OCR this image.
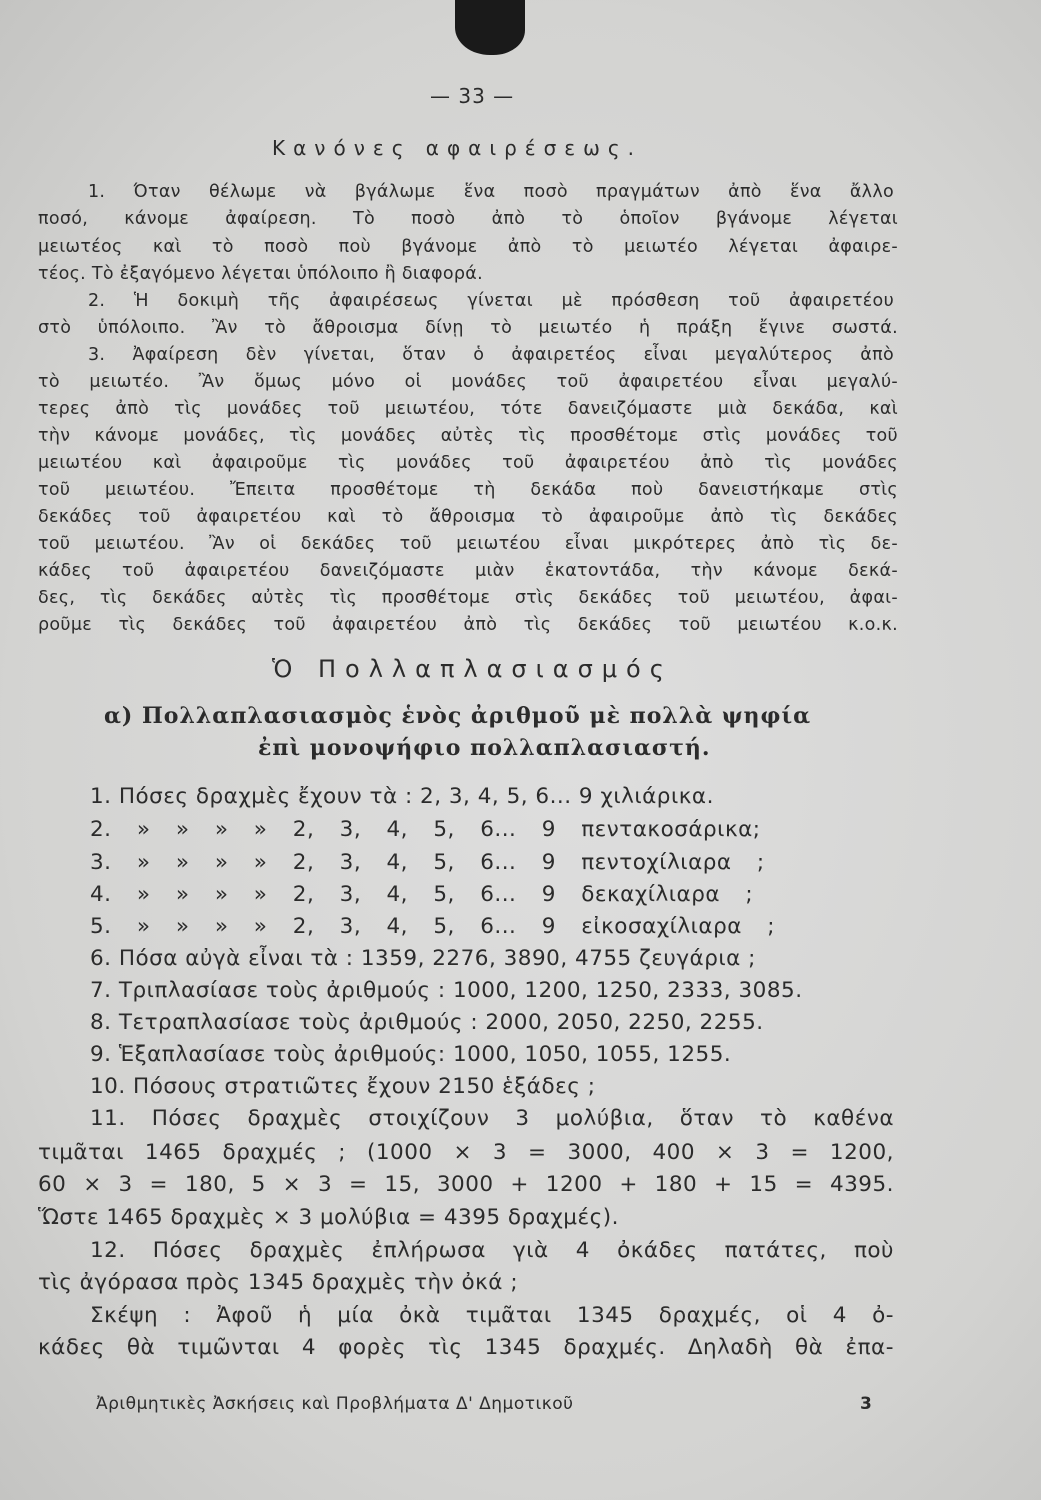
— 33 —
Κανόνες αφαιρέσεως.
1. Όταν θέλωμε νὰ βγάλωμε ἕνα ποσὸ πραγμάτων ἀπὸ ἕνα ἄλλο
ποσό, κάνομε ἀφαίρεση. Τὸ ποσὸ ἀπὸ τὸ ὁποῖον βγάνομε λέγεται
μειωτέος καὶ τὸ ποσὸ ποὺ βγάνομε ἀπὸ τὸ μειωτέο λέγεται ἀφαιρε-
τέος. Τὸ ἐξαγόμενο λέγεται ὑπόλοιπο ἢ διαφορά.
2. Ἡ δοκιμὴ τῆς ἀφαιρέσεως γίνεται μὲ πρόσθεση τοῦ ἀφαιρετέου
στὸ ὑπόλοιπο. Ἂν τὸ ἄθροισμα δίνῃ τὸ μειωτέο ἡ πράξη ἔγινε σωστά.
3. Ἀφαίρεση δὲν γίνεται, ὅταν ὁ ἀφαιρετέος εἶναι μεγαλύτερος ἀπὸ
τὸ μειωτέο. Ἂν ὅμως μόνο οἱ μονάδες τοῦ ἀφαιρετέου εἶναι μεγαλύ-
τερες ἀπὸ τὶς μονάδες τοῦ μειωτέου, τότε δανειζόμαστε μιὰ δεκάδα, καὶ
τὴν κάνομε μονάδες, τὶς μονάδες αὐτὲς τὶς προσθέτομε στὶς μονάδες τοῦ
μειωτέου καὶ ἀφαιροῦμε τὶς μονάδες τοῦ ἀφαιρετέου ἀπὸ τὶς μονάδες
τοῦ μειωτέου. Ἔπειτα προσθέτομε τὴ δεκάδα ποὺ δανειστήκαμε στὶς
δεκάδες τοῦ ἀφαιρετέου καὶ τὸ ἄθροισμα τὸ ἀφαιροῦμε ἀπὸ τὶς δεκάδες
τοῦ μειωτέου. Ἂν οἱ δεκάδες τοῦ μειωτέου εἶναι μικρότερες ἀπὸ τὶς δε-
κάδες τοῦ ἀφαιρετέου δανειζόμαστε μιὰν ἑκατοντάδα, τὴν κάνομε δεκά-
δες, τὶς δεκάδες αὐτὲς τὶς προσθέτομε στὶς δεκάδες τοῦ μειωτέου, ἀφαι-
ροῦμε τὶς δεκάδες τοῦ ἀφαιρετέου ἀπὸ τὶς δεκάδες τοῦ μειωτέου κ.ο.κ.
Ὁ Πολλαπλασιασμός
α) Πολλαπλασιασμὸς ἑνὸς ἀριθμοῦ μὲ πολλὰ ψηφία
ἐπὶ μονοψήφιο πολλαπλασιαστή.
1. Πόσες δραχμὲς ἔχουν τὰ : 2, 3, 4, 5, 6... 9 χιλιάρικα.
2. » » » » 2, 3, 4, 5, 6... 9 πεντακοσάρικα;
3. » » » » 2, 3, 4, 5, 6... 9 πεντοχίλιαρα ;
4. » » » » 2, 3, 4, 5, 6... 9 δεκαχίλιαρα ;
5. » » » » 2, 3, 4, 5, 6... 9 εἰκοσαχίλιαρα ;
6. Πόσα αὐγὰ εἶναι τὰ : 1359, 2276, 3890, 4755 ζευγάρια ;
7. Τριπλασίασε τοὺς ἀριθμούς : 1000, 1200, 1250, 2333, 3085.
8. Τετραπλασίασε τοὺς ἀριθμούς : 2000, 2050, 2250, 2255.
9. Ἑξαπλασίασε τοὺς ἀριθμούς: 1000, 1050, 1055, 1255.
10. Πόσους στρατιῶτες ἔχουν 2150 ἑξάδες ;
11. Πόσες δραχμὲς στοιχίζουν 3 μολύβια, ὅταν τὸ καθένα
τιμᾶται 1465 δραχμές ; (1000 × 3 = 3000, 400 × 3 = 1200,
60 × 3 = 180, 5 × 3 = 15, 3000 + 1200 + 180 + 15 = 4395.
Ὥστε 1465 δραχμὲς × 3 μολύβια = 4395 δραχμές).
12. Πόσες δραχμὲς ἐπλήρωσα γιὰ 4 ὀκάδες πατάτες, ποὺ
τὶς ἀγόρασα πρὸς 1345 δραχμὲς τὴν ὀκά ;
Σκέψη : Ἀφοῦ ἡ μία ὀκὰ τιμᾶται 1345 δραχμές, οἱ 4 ὀ-
κάδες θὰ τιμῶνται 4 φορὲς τὶς 1345 δραχμές. Δηλαδὴ θὰ ἐπα-
Ἀριθμητικὲς Ἀσκήσεις καὶ Προβλήματα Δ' Δημοτικοῦ	3
